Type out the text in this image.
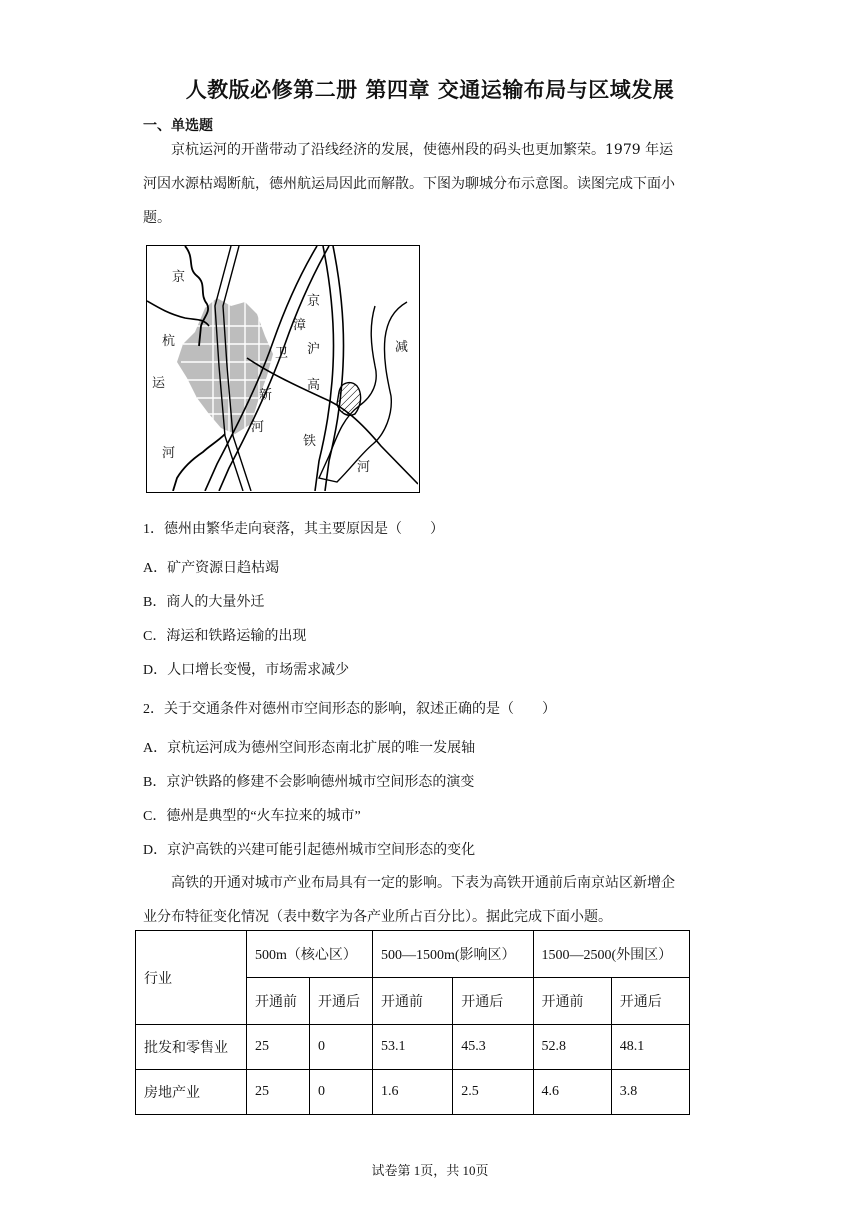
人教版必修第二册 第四章 交通运输布局与区域发展
一、单选题
京杭运河的开凿带动了沿线经济的发展，使德州段的码头也更加繁荣。1979 年运
河因水源枯竭断航，德州航运局因此而解散。下图为聊城分布示意图。读图完成下面小
题。
京
杭
运
河
京
沪
高
铁
漳
卫
新
河
减
河
1．德州由繁华走向衰落，其主要原因是（　　）
A．矿产资源日趋枯竭
B．商人的大量外迁
C．海运和铁路运输的出现
D．人口增长变慢，市场需求减少
2．关于交通条件对德州市空间形态的影响，叙述正确的是（　　）
A．京杭运河成为德州空间形态南北扩展的唯一发展轴
B．京沪铁路的修建不会影响德州城市空间形态的演变
C．德州是典型的“火车拉来的城市”
D．京沪高铁的兴建可能引起德州城市空间形态的变化
高铁的开通对城市产业布局具有一定的影响。下表为高铁开通前后南京站区新增企
业分布特征变化情况（表中数字为各产业所占百分比）。据此完成下面小题。
行业	500m（核心区）		500—1500m(影响区）		1500—2500(外围区）	
	开通前	开通后	开通前	开通后	开通前	开通后
批发和零售业	25	0	53.1	45.3	52.8	48.1
房地产业	25	0	1.6	2.5	4.6	3.8
试卷第 1页，共 10页
